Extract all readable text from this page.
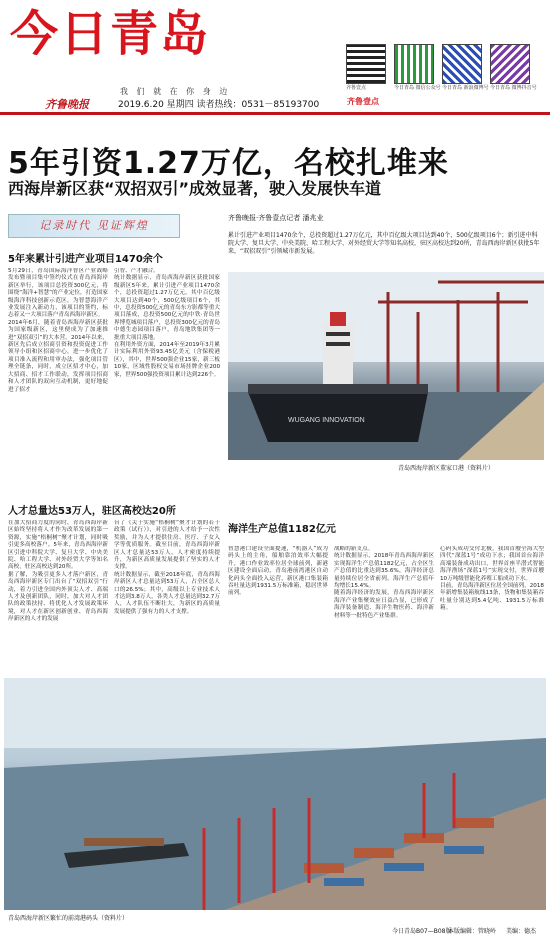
今日青岛
我 们 就 在 你 身 边
齐鲁晚报	2019.6.20 星期四 读者热线：0531－85193700
齐鲁壹点	今日青岛 微信公众号 今日青岛 新浪微博号 今日青岛 微博抖音号
齐鲁壹点
5年引资1.27万亿，名校扎堆来
西海岸新区获“双招双引”成效显著，驶入发展快车道
记录时代 见证辉煌
齐鲁晚报·齐鲁壹点记者 潘兆业
累计引进产业项目1470余个，总投资超过1.27万亿元，其中百亿级大项目达到40个，500亿级项目6个；新引进中科院大学、复旦大学、中央美院、哈工程大学、对外经贸大学等知名高校，驻区高校达到20所，青岛西海岸新区获批5年来，“双招双引”引领城市新发展。
5年来累计引进产业项目1470余个
5月29日，青岛国际海洋智区产业战略发布暨项目集中签约仪式在青岛西海岸新区举行，该项目总投资300亿元，将围绕“海洋+智慧”的产业定位，打造国家级海洋科技创新示范区，为智慧海洋产业发展注入新动力，该项目的签约，标志着又一大项目落户青岛西海岸新区。
2014年6月，随着青岛西海岸新区获批为国家级新区，这里便成为了加速推进“双招双引”的大本营。2014年以来，新区先后成立招商引资和投资促进工作领导小组和区招商中心，进一步优化了项目准入流程和用审办法，强化项目管理全链条，同时，成立区招才中心，加大招商、招才工作联动，发挥项目招商和人才团队的双向互动机制，更好地促进了招才
引智、产才融合。
统计数据显示，青岛西海岸新区获批国家级新区5年来，累计引进产业项目1470余个，总投资超过1.27万亿元，其中百亿级大项目达到40个，500亿级项目6个，其中，总投资500亿元的青岛东方影都等重大项目落成，总投资500亿元的中铁·青岛世界博览城项目落户，总投资300亿元的青岛中德生态园项目落户，青岛地铁集团等一批重大项目落地。
在利用外资方面，2014年至2019年3月累计实际利用外资93.45亿美元（含保税港区），其中，世界500强企业15家，新三板10家，区域性股权交易市场挂牌企业200家，世界500强投资项目累计达到226个。
WUGANG INNOVATION
青岛西海岸新区董家口港（资料片）
人才总量达53万人，驻区高校达20所
在加大招商力度的同时，青岛西海岸新区始终坚持将人才作为改革发展的第一资源，实施“梧桐树”聚才计划，同时吸引更多高校落户。5年来，青岛西海岸新区引进中科院大学、复旦大学、中央美院、哈工程大学、对外经贸大学等知名高校，驻区高校达到20所。
据了解，为吸引更多人才落户新区，青岛西海岸新区专门出台了“双招双引”行动，着力引进全国内外顶尖人才、高端人才及创新团队，同时，加大对人才团队的政策扶持、将优化人才发展政策环境，对人才在新区创新创业、青岛西海岸新区的人才的发展
台了《关于实施“梧桐树”聚才计划的若干政策（试行）》，对引进的人才给予一次性奖励，并为人才提供住房、医疗、子女入学等优质服务。截至目前，青岛西海岸新区人才总量达53万人，人才密度持续提升，为新区高质量发展提供了坚实的人才支撑。
统计数据显示，截至2018年底，青岛西海岸新区人才总量达到53万人，占全区总人口的26.5%；其中，高级以上专业技术人才达到3.8万人，各类人才总量达到32.7万人，人才队伍不断壮大，为新区的高质量发展提供了强有力的人才支撑。
海洋生产总值1182亿元
智慧港口建设全面提速，“机器人”成为码头上的主角，船舶靠泊效率大幅提升，港口作业效率位居全球前列，新港区建设全面启动，青岛港前湾港区自动化码头全面投入运营，新区港口集装箱吞吐量达到1931.5万标准箱，稳居世界前列。
战略的新支点。
统计数据显示，2018年青岛西海岸新区实现海洋生产总值1182亿元，占全区生产总值的比重达到35.6%，海洋经济总量持续位居全省前列，海洋生产总值年均增长15.4%。
随着海洋经济的发展，青岛西海岸新区海洋产业集聚效应日益凸显，已形成了海洋装备制造、海洋生物医药、海洋新材料等一批特色产业集群。
心码头成功交付北极，我国首艘全海大型四代“深蓝1号”成功下水；我国首台海洋高端装备成功出口，世界首座半潜式智能海洋渔场“深蓝1号”实现交付，世界首艘10万吨级智能化养殖工船成功下水。
目前，青岛海洋新区位居全国前列，2018年新增集装箱航线13条，货物和集装箱吞吐量分别达到5.4亿吨、1931.5万标准箱。
青岛西海岸新区繁忙的前湾港码头（资料片）
今日青岛B07—B08版
本版编辑：管晓岭 美编：德杰
